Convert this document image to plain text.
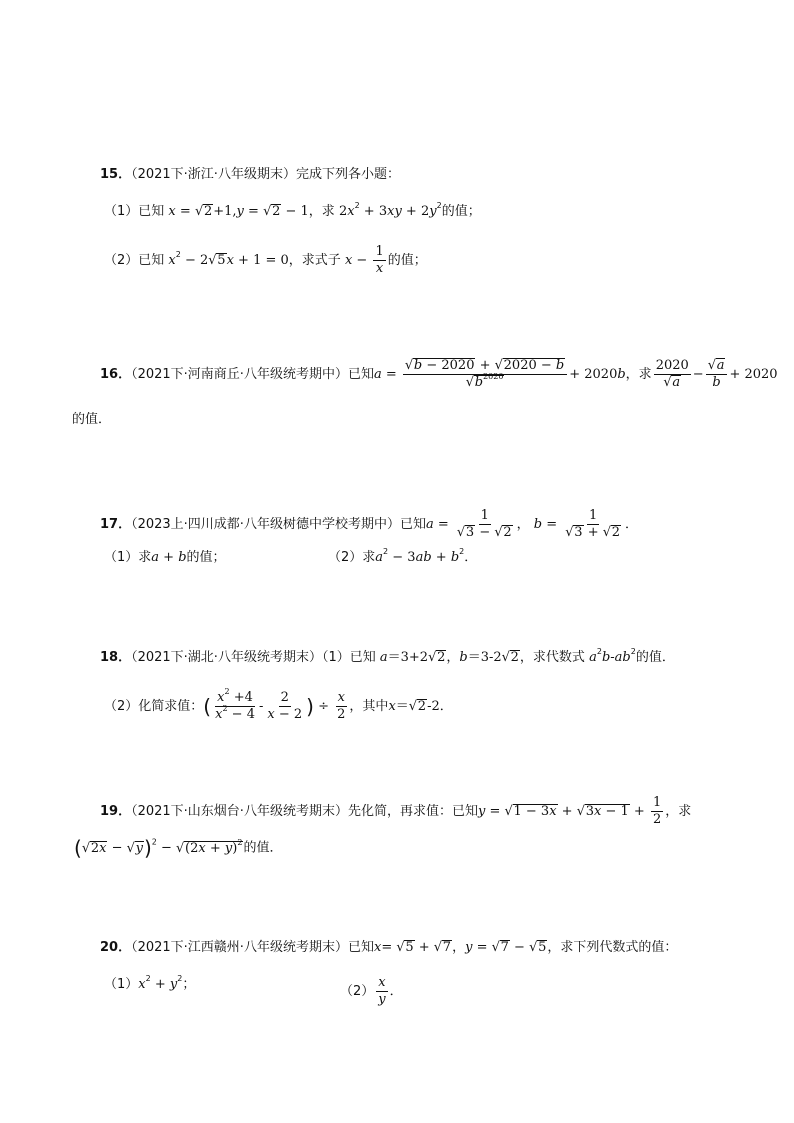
15．（2021下·浙江·八年级期末）完成下列各小题：
（1）已知 x = √ 2+1,y = √ 2 − 1，求 $2x^2 + 3xy + 2y^2$的值；
（2）已知 $x^2 - 2√$ 5x + 1 = 0，求式子 $x - \frac{1}{x}$ 的值；
16．（2021下·河南商丘·八年级统考期中）已知a =
√ b − 2020 + √ 2020 − b
√ $b^{2020} + 2020b$，求 2020
√ a −
√ $\frac{a}{b} + 2020$
的值．
17．（2023上·四川成都·八年级树德中学校考期中）已知a = 1
√ 3 − √ 2 ， b = 1
√ 3 + √ 2 ．
（1）求a + b的值；	（2）求$a^2 - 3ab + b^2$．
18．（2021下·湖北·八年级统考期末）（1）已知 a＝3+2√ 2，b＝3-2√ 2，求代数式 $a^2b-ab^2$的值．
（2）化简求值：( $\frac{x^2 +4}{x^2 - 4} - \frac{2}{x - 2}$ ) ÷ $\frac{x}{2}$ ，其中x＝√ 2-2．
19．（2021下·山东烟台·八年级统考期末）先化简，再求值：已知y = √ 1 − 3x + √ $3x - 1 + \frac{1}{2}$ ，求
(√ 2x − √ y)$^2$ − √ $(2x + y)^2$的值．
20．（2021下·江西赣州·八年级统考期末）已知x= √ 5 + √ 7，y = √ 7 − √ 5，求下列代数式的值：
$(1)x^2 + y^2$；	$(2) \frac{x}{y}$ ．
